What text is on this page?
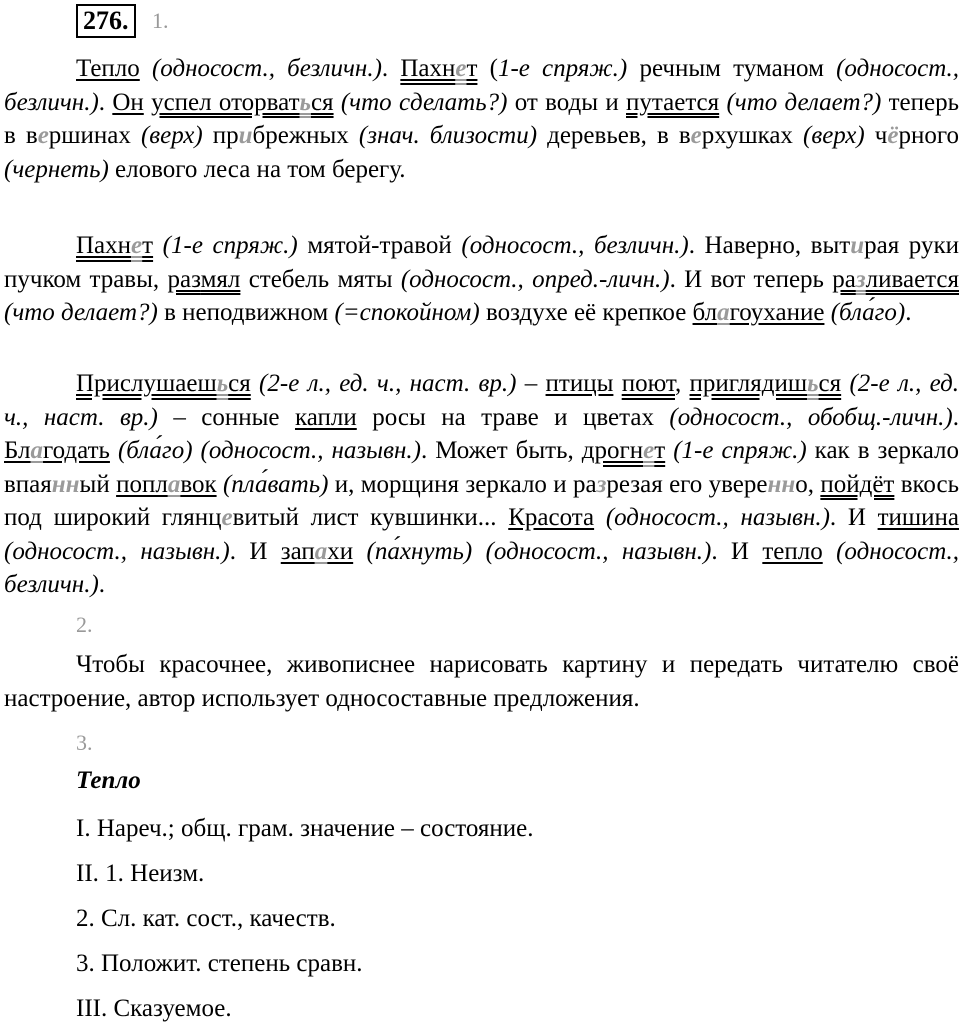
276.	1.

Тепло (односост., безличн.). Пахнет (1-е спряж.) речным туманом (односост., безличн.). Он успел оторваться (что сделать?) от воды и путается (что делает?) теперь в вершинах (верх) прибрежных (знач. близости) деревьев, в верхушках (верх) чёрного (чернеть) елового леса на том берегу.

Пахнет (1-е спряж.) мятой-травой (односост., безличн.). Наверно, вытирая руки пучком травы, размял стебель мяты (односост., опред.-личн.). И вот теперь разливается (что делает?) в неподвижном (=спокойном) воздухе её крепкое благоухание (бла́го).

Прислушаешься (2-е л., ед. ч., наст. вр.) – птицы поют, приглядишься (2-е л., ед. ч., наст. вр.) – сонные капли росы на траве и цветах (односост., обобщ.-личн.). Благодать (бла́го) (односост., назывн.). Может быть, дрогнет (1-е спряж.) как в зеркало впаянный поплавок (пла́вать) и, морщиня зеркало и разрезая его уверенно, пойдёт вкось под широкий глянцевитый лист кувшинки... Красота (односост., назывн.). И тишина (односост., назывн.). И запахи (па́хнуть) (односост., назывн.). И тепло (односост., безличн.).

2.

Чтобы красочнее, живописнее нарисовать картину и передать читателю своё настроение, автор использует односоставные предложения.

3.

Тепло

I. Нареч.; общ. грам. значение – состояние.

II. 1. Неизм.

2. Сл. кат. сост., качеств.

3. Положит. степень сравн.

III. Сказуемое.
